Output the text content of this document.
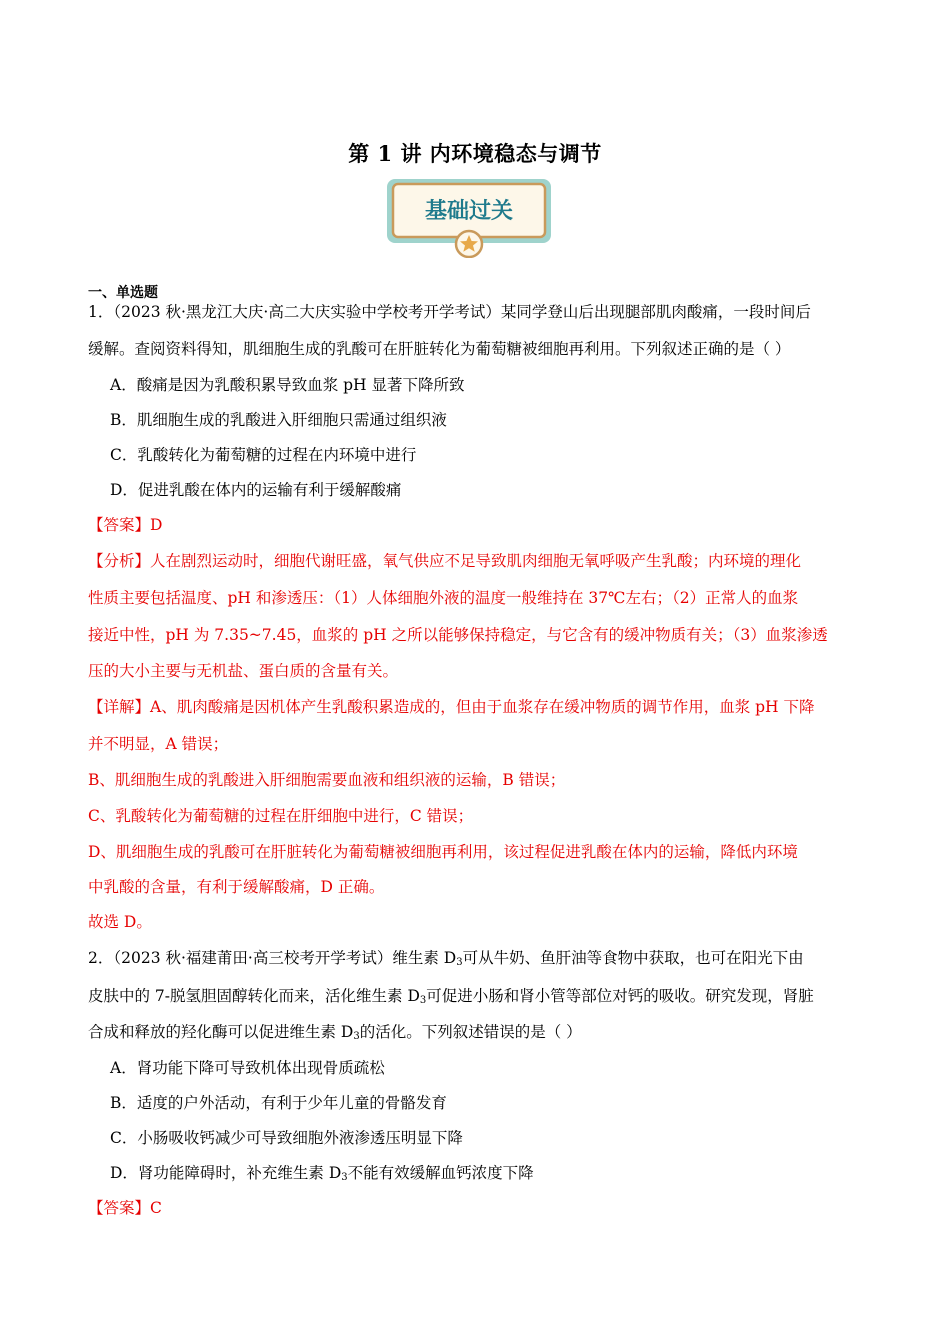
第 1 讲 内环境稳态与调节
基础过关
一、单选题
1．（2023 秋·黑龙江大庆·高二大庆实验中学校考开学考试）某同学登山后出现腿部肌肉酸痛，一段时间后
缓解。查阅资料得知，肌细胞生成的乳酸可在肝脏转化为葡萄糖被细胞再利用。下列叙述正确的是（ ）
A．酸痛是因为乳酸积累导致血浆 pH 显著下降所致
B．肌细胞生成的乳酸进入肝细胞只需通过组织液
C．乳酸转化为葡萄糖的过程在内环境中进行
D．促进乳酸在体内的运输有利于缓解酸痛
【答案】D
【分析】人在剧烈运动时，细胞代谢旺盛，氧气供应不足导致肌肉细胞无氧呼吸产生乳酸；内环境的理化
性质主要包括温度、pH 和渗透压：（1）人体细胞外液的温度一般维持在 37℃左右；（2）正常人的血浆
接近中性，pH 为 7.35~7.45，血浆的 pH 之所以能够保持稳定，与它含有的缓冲物质有关；（3）血浆渗透
压的大小主要与无机盐、蛋白质的含量有关。
【详解】A、肌肉酸痛是因机体产生乳酸积累造成的，但由于血浆存在缓冲物质的调节作用，血浆 pH 下降
并不明显，A 错误；
B、肌细胞生成的乳酸进入肝细胞需要血液和组织液的运输，B 错误；
C、乳酸转化为葡萄糖的过程在肝细胞中进行，C 错误；
D、肌细胞生成的乳酸可在肝脏转化为葡萄糖被细胞再利用，该过程促进乳酸在体内的运输，降低内环境
中乳酸的含量，有利于缓解酸痛，D 正确。
故选 D。
2．（2023 秋·福建莆田·高三校考开学考试）维生素 $D_3$可从牛奶、鱼肝油等食物中获取，也可在阳光下由
皮肤中的 7-脱氢胆固醇转化而来，活化维生素 $D_3$可促进小肠和肾小管等部位对钙的吸收。研究发现，肾脏
合成和释放的羟化酶可以促进维生素 $D_3$的活化。下列叙述错误的是（ ）
A．肾功能下降可导致机体出现骨质疏松
B．适度的户外活动，有利于少年儿童的骨骼发育
C．小肠吸收钙减少可导致细胞外液渗透压明显下降
D．肾功能障碍时，补充维生素 $D_3$不能有效缓解血钙浓度下降
【答案】C
